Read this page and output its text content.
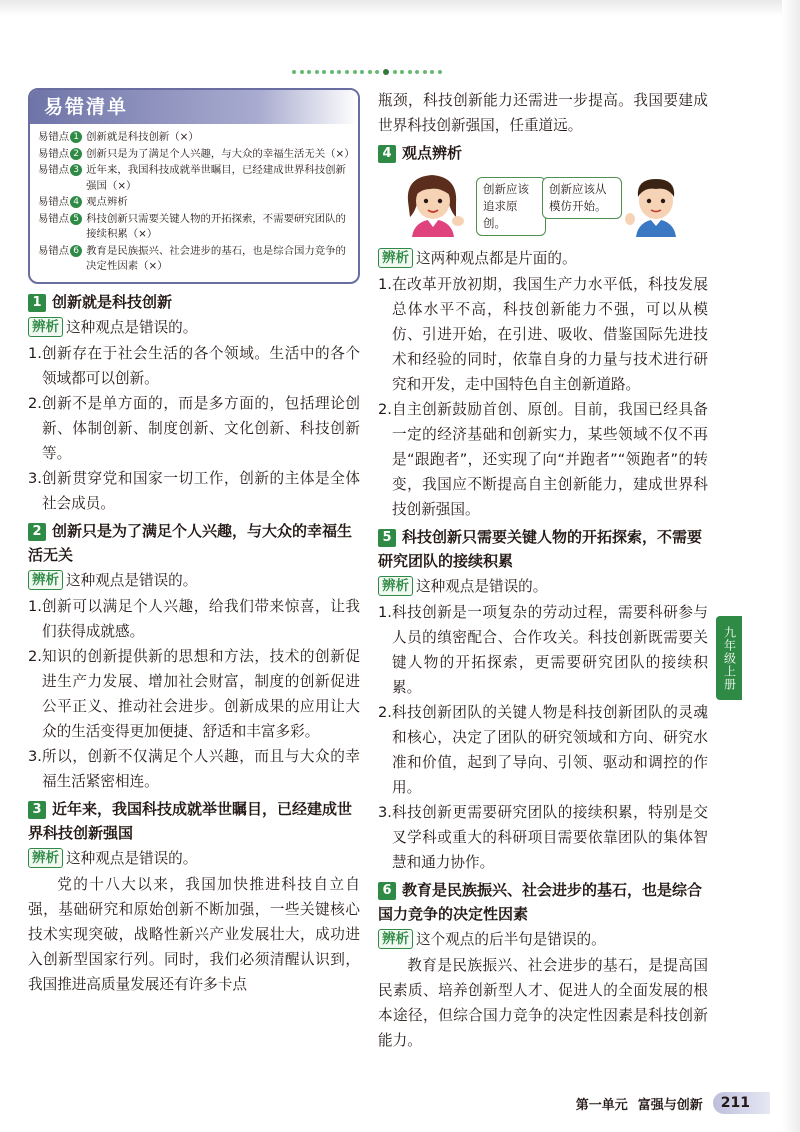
易错清单
易错点 1 创新就是科技创新（×）
易错点 2 创新只是为了满足个人兴趣，与大众的幸福生活无关（×）
易错点 3 近年来，我国科技成就举世瞩目，已经建成世界科技创新强国（×）
易错点 4 观点辨析
易错点 5 科技创新只需要关键人物的开拓探索，不需要研究团队的接续积累（×）
易错点 6 教育是民族振兴、社会进步的基石，也是综合国力竞争的决定性因素（×）
1 创新就是科技创新
辨析 这种观点是错误的。
1. 创新存在于社会生活的各个领域。生活中的各个领域都可以创新。
2. 创新不是单方面的，而是多方面的，包括理论创新、体制创新、制度创新、文化创新、科技创新等。
3. 创新贯穿党和国家一切工作，创新的主体是全体社会成员。
2 创新只是为了满足个人兴趣，与大众的幸福生活无关
辨析 这种观点是错误的。
1. 创新可以满足个人兴趣，给我们带来惊喜，让我们获得成就感。
2. 知识的创新提供新的思想和方法，技术的创新促进生产力发展、增加社会财富，制度的创新促进公平正义、推动社会进步。创新成果的应用让大众的生活变得更加便捷、舒适和丰富多彩。
3. 所以，创新不仅满足个人兴趣，而且与大众的幸福生活紧密相连。
3 近年来，我国科技成就举世瞩目，已经建成世界科技创新强国
辨析 这种观点是错误的。

党的十八大以来，我国加快推进科技自立自强，基础研究和原始创新不断加强，一些关键核心技术实现突破，战略性新兴产业发展壮大，成功进入创新型国家行列。同时，我们必须清醒认识到，我国推进高质量发展还有许多卡点

瓶颈，科技创新能力还需进一步提高。我国要建成世界科技创新强国，任重道远。

4 观点辨析
创新应该追求原创。
创新应该从模仿开始。
辨析 这两种观点都是片面的。
1. 在改革开放初期，我国生产力水平低，科技发展总体水平不高，科技创新能力不强，可以从模仿、引进开始，在引进、吸收、借鉴国际先进技术和经验的同时，依靠自身的力量与技术进行研究和开发，走中国特色自主创新道路。
2. 自主创新鼓励首创、原创。目前，我国已经具备一定的经济基础和创新实力，某些领域不仅不再是“跟跑者”，还实现了向“并跑者”“领跑者”的转变，我国应不断提高自主创新能力，建成世界科技创新强国。
5 科技创新只需要关键人物的开拓探索，不需要研究团队的接续积累
辨析 这种观点是错误的。
1. 科技创新是一项复杂的劳动过程，需要科研参与人员的缜密配合、合作攻关。科技创新既需要关键人物的开拓探索，更需要研究团队的接续积累。
2. 科技创新团队的关键人物是科技创新团队的灵魂和核心，决定了团队的研究领域和方向、研究水准和价值，起到了导向、引领、驱动和调控的作用。
3. 科技创新更需要研究团队的接续积累，特别是交叉学科或重大的科研项目需要依靠团队的集体智慧和通力协作。
6 教育是民族振兴、社会进步的基石，也是综合国力竞争的决定性因素
辨析 这个观点的后半句是错误的。

教育是民族振兴、社会进步的基石，是提高国民素质、培养创新型人才、促进人的全面发展的根本途径，但综合国力竞争的决定性因素是科技创新能力。

九年级上册
第一单元 富强与创新	211
